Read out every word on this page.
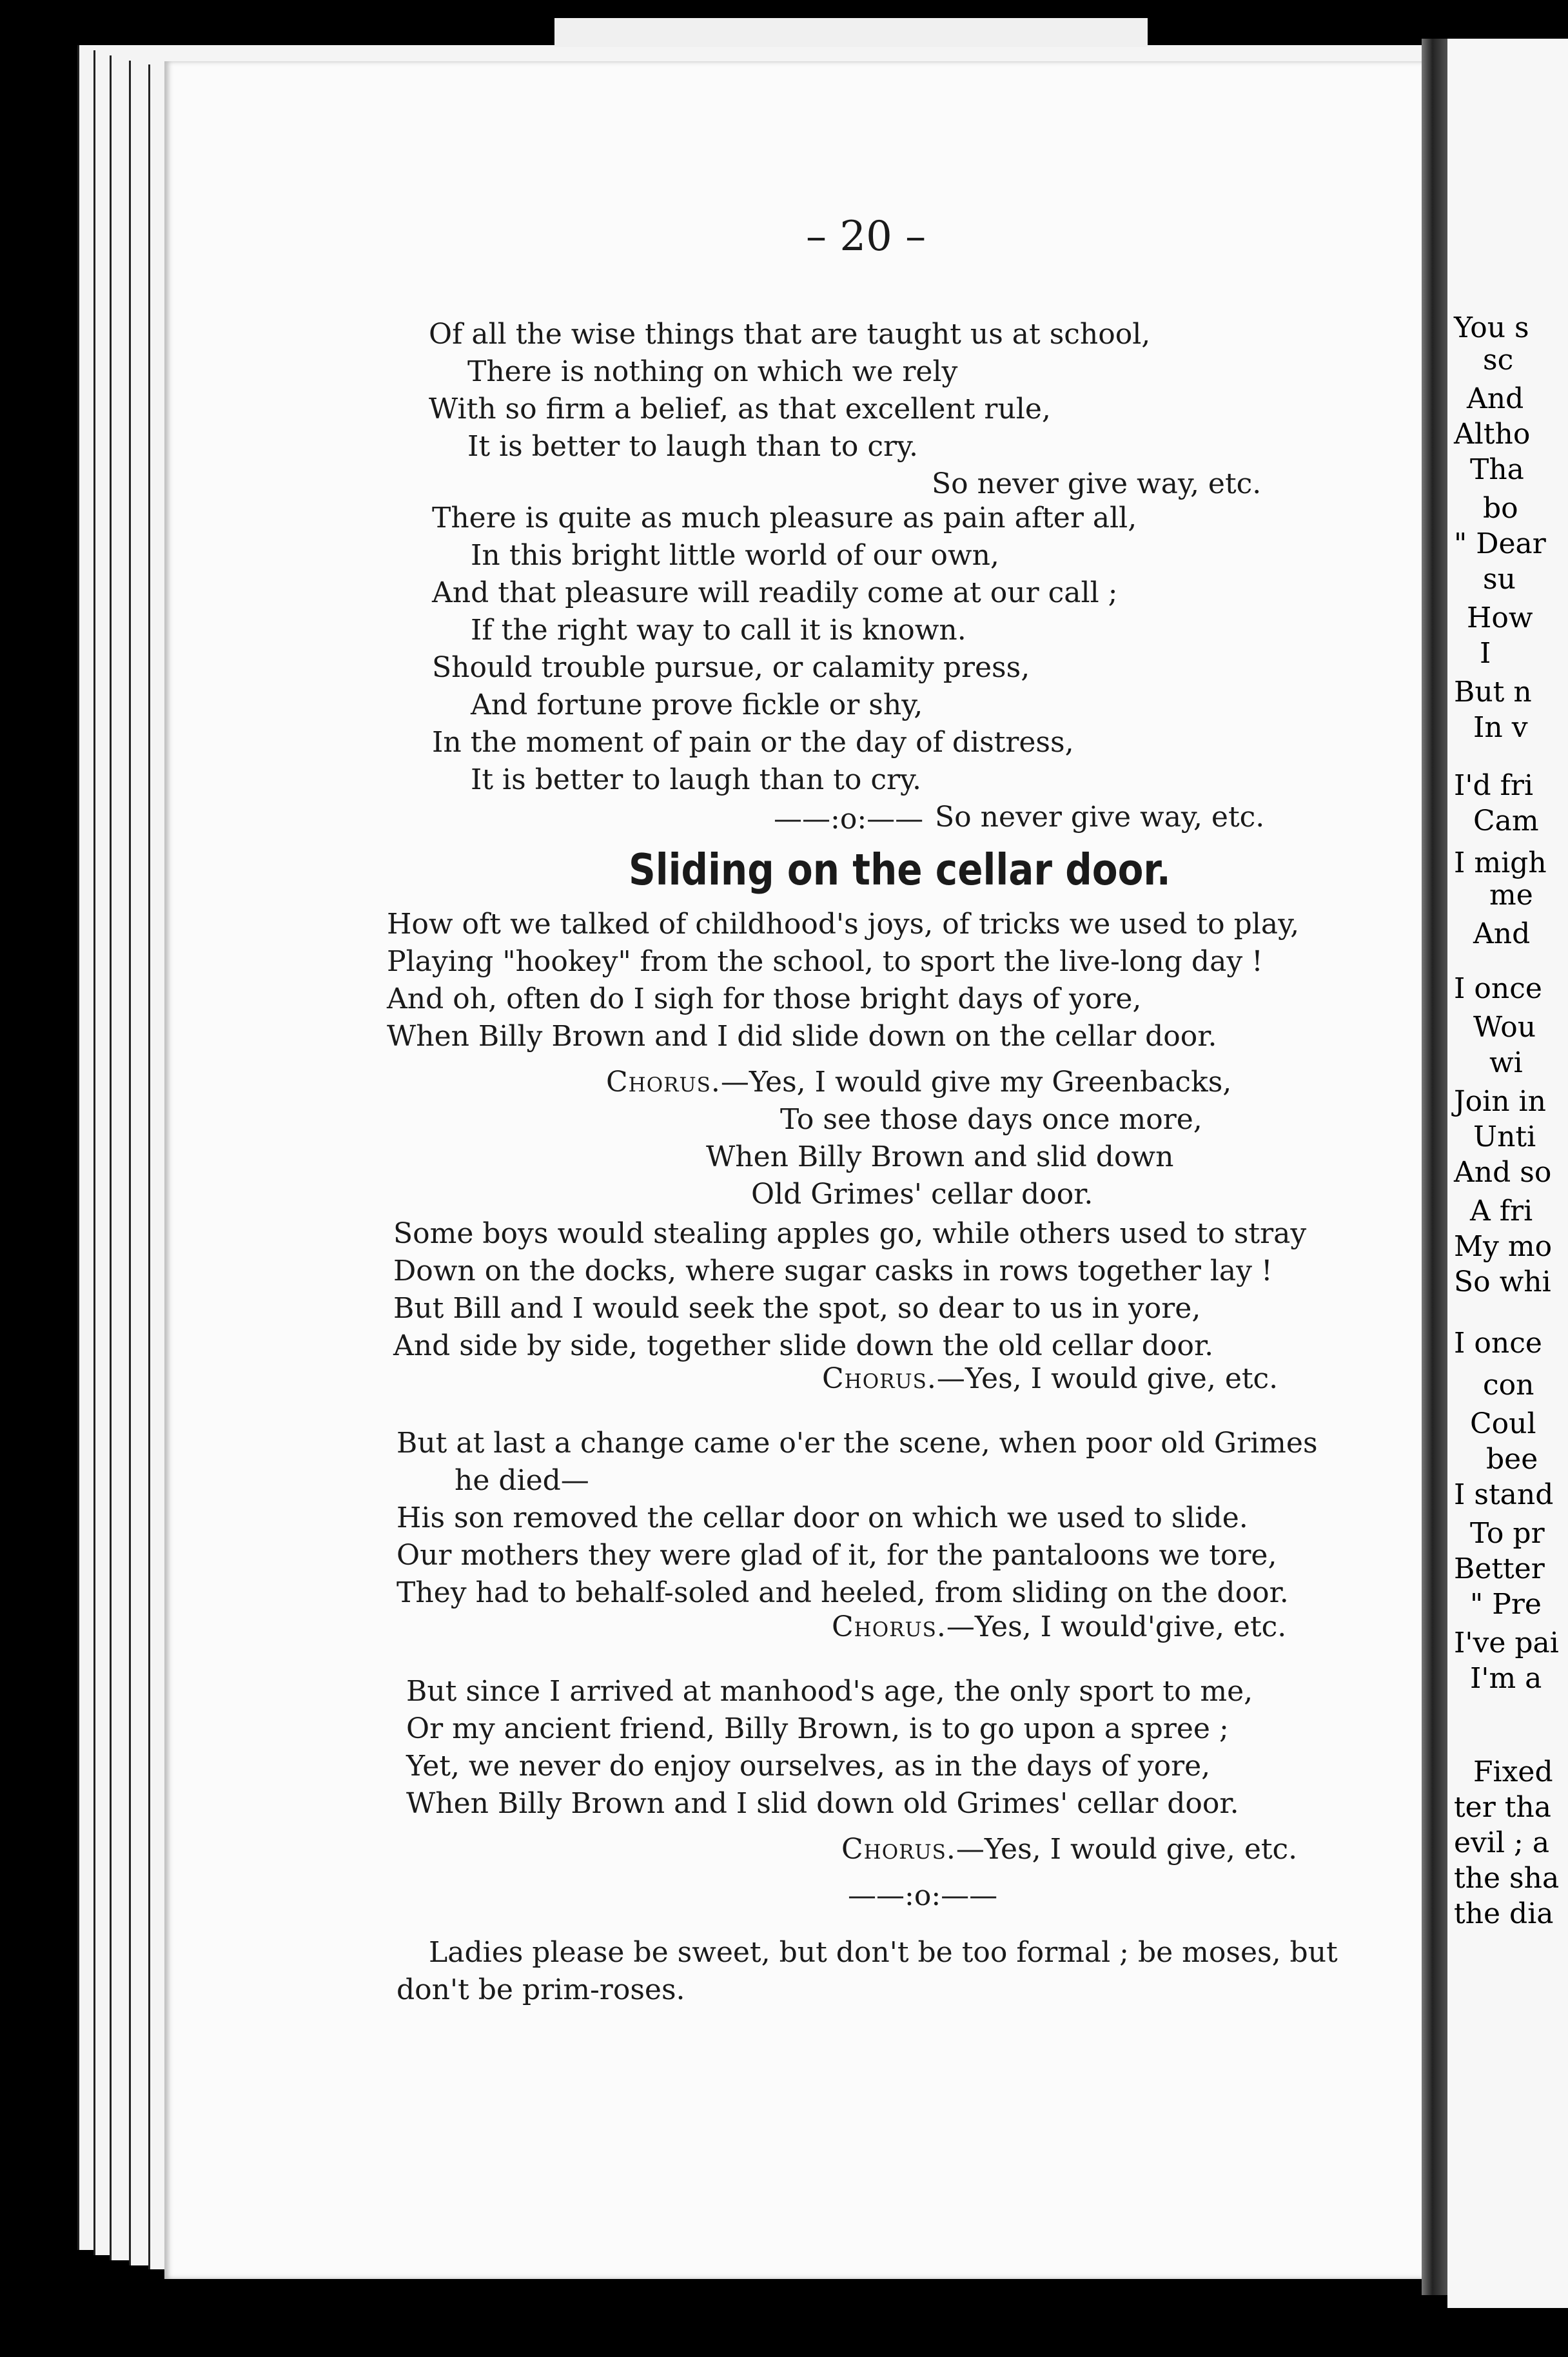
– 20 –
Of all the wise things that are taught us at school,
There is nothing on which we rely
With so firm a belief, as that excellent rule,
It is better to laugh than to cry.
So never give way, etc.
There is quite as much pleasure as pain after all,
In this bright little world of our own,
And that pleasure will readily come at our call ;
If the right way to call it is known.
Should trouble pursue, or calamity press,
And fortune prove fickle or shy,
In the moment of pain or the day of distress,
It is better to laugh than to cry.
So never give way, etc.
——:o:——
Sliding on the cellar door.
How oft we talked of childhood's joys, of tricks we used to play,
Playing "hookey" from the school, to sport the live-long day !
And oh, often do I sigh for those bright days of yore,
When Billy Brown and I did slide down on the cellar door.
Chorus.—Yes, I would give my Greenbacks,
To see those days once more,
When Billy Brown and slid down
Old Grimes' cellar door.
Some boys would stealing apples go, while others used to stray
Down on the docks, where sugar casks in rows together lay !
But Bill and I would seek the spot, so dear to us in yore,
And side by side, together slide down the old cellar door.
Chorus.—Yes, I would give, etc.
But at last a change came o'er the scene, when poor old Grimes
he died—
His son removed the cellar door on which we used to slide.
Our mothers they were glad of it, for the pantaloons we tore,
They had to behalf-soled and heeled, from sliding on the door.
Chorus.—Yes, I would'give, etc.
But since I arrived at manhood's age, the only sport to me,
Or my ancient friend, Billy Brown, is to go upon a spree ;
Yet, we never do enjoy ourselves, as in the days of yore,
When Billy Brown and I slid down old Grimes' cellar door.
Chorus.—Yes, I would give, etc.
——:o:——
Ladies please be sweet, but don't be too formal ; be moses, but
don't be prim-roses.
You s
sc
And
Altho
Tha
bo
" Dear
su
How
I
But n
In v
I'd fri
Cam
I migh
me
And
I once
Wou
wi
Join in
Unti
And so
A fri
My mo
So whi
I once
con
Coul
bee
I stand
To pr
Better
" Pre
I've pai
I'm a
Fixed
ter tha
evil ; a
the sha
the dia
